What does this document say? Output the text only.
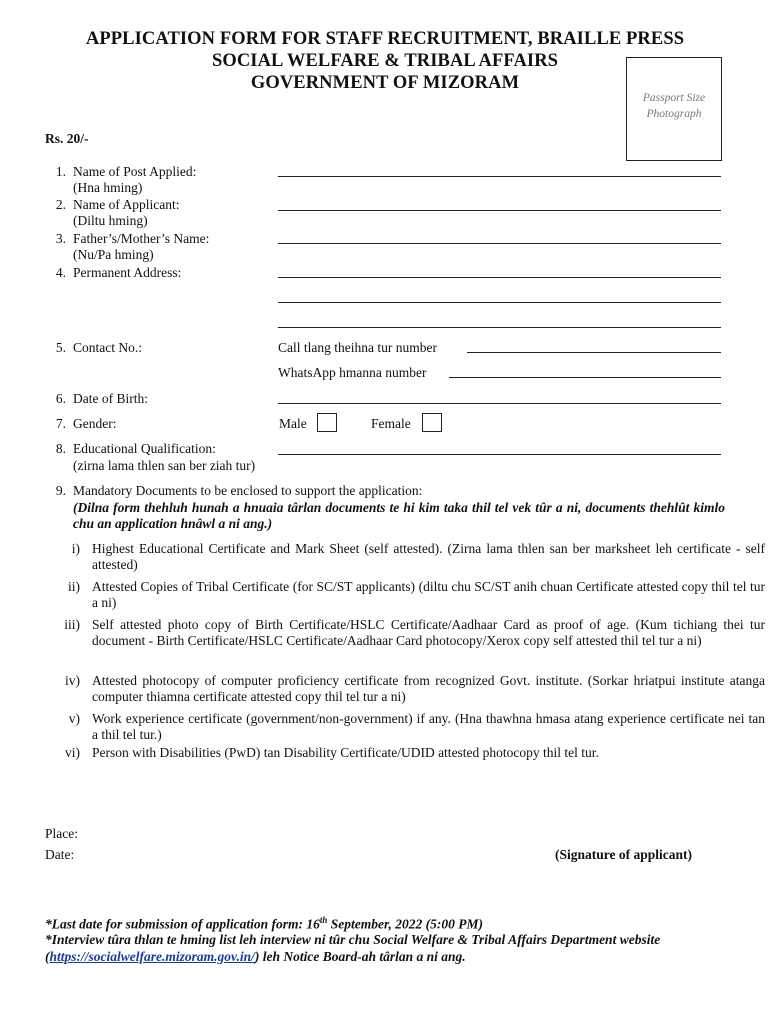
APPLICATION FORM FOR STAFF RECRUITMENT, BRAILLE PRESS
SOCIAL WELFARE & TRIBAL AFFAIRS
GOVERNMENT OF MIZORAM
Passport Size
Photograph
Rs. 20/-
1. Name of Post Applied:
(Hna hming)
2. Name of Applicant:
(Diltu hming)
3. Father’s/Mother’s Name:
(Nu/Pa hming)
4. Permanent Address:
5. Contact No.:	Call tlang theihna tur number
WhatsApp hmanna number
6. Date of Birth:
7. Gender:	Male	Female
8. Educational Qualification:
(zirna lama thlen san ber ziah tur)
9. Mandatory Documents to be enclosed to support the application:
(Dilna form thehluh hunah a hnuaia târlan documents te hi kim taka thil tel vek tûr a ni, documents thehlût kimlo chu an application hnâwl a ni ang.)
i) Highest Educational Certificate and Mark Sheet (self attested). (Zirna lama thlen san ber marksheet leh certificate - self attested)
ii) Attested Copies of Tribal Certificate (for SC/ST applicants) (diltu chu SC/ST anih chuan Certificate attested copy thil tel tur a ni)
iii) Self attested photo copy of Birth Certificate/HSLC Certificate/Aadhaar Card as proof of age. (Kum tichiang thei tur document - Birth Certificate/HSLC Certificate/Aadhaar Card photocopy/Xerox copy self attested thil tel tur a ni)
iv) Attested photocopy of computer proficiency certificate from recognized Govt. institute. (Sorkar hriatpui institute atanga computer thiamna certificate attested copy thil tel tur a ni)
v) Work experience certificate (government/non-government) if any. (Hna thawhna hmasa atang experience certificate nei tan a thil tel tur.)
vi) Person with Disabilities (PwD) tan Disability Certificate/UDID attested photocopy thil tel tur.
Place:
Date:	(Signature of applicant)
*Last date for submission of application form: 16th September, 2022 (5:00 PM)
*Interview tûra thlan te hming list leh interview ni tûr chu Social Welfare & Tribal Affairs Department website (https://socialwelfare.mizoram.gov.in/) leh Notice Board-ah târlan a ni ang.
